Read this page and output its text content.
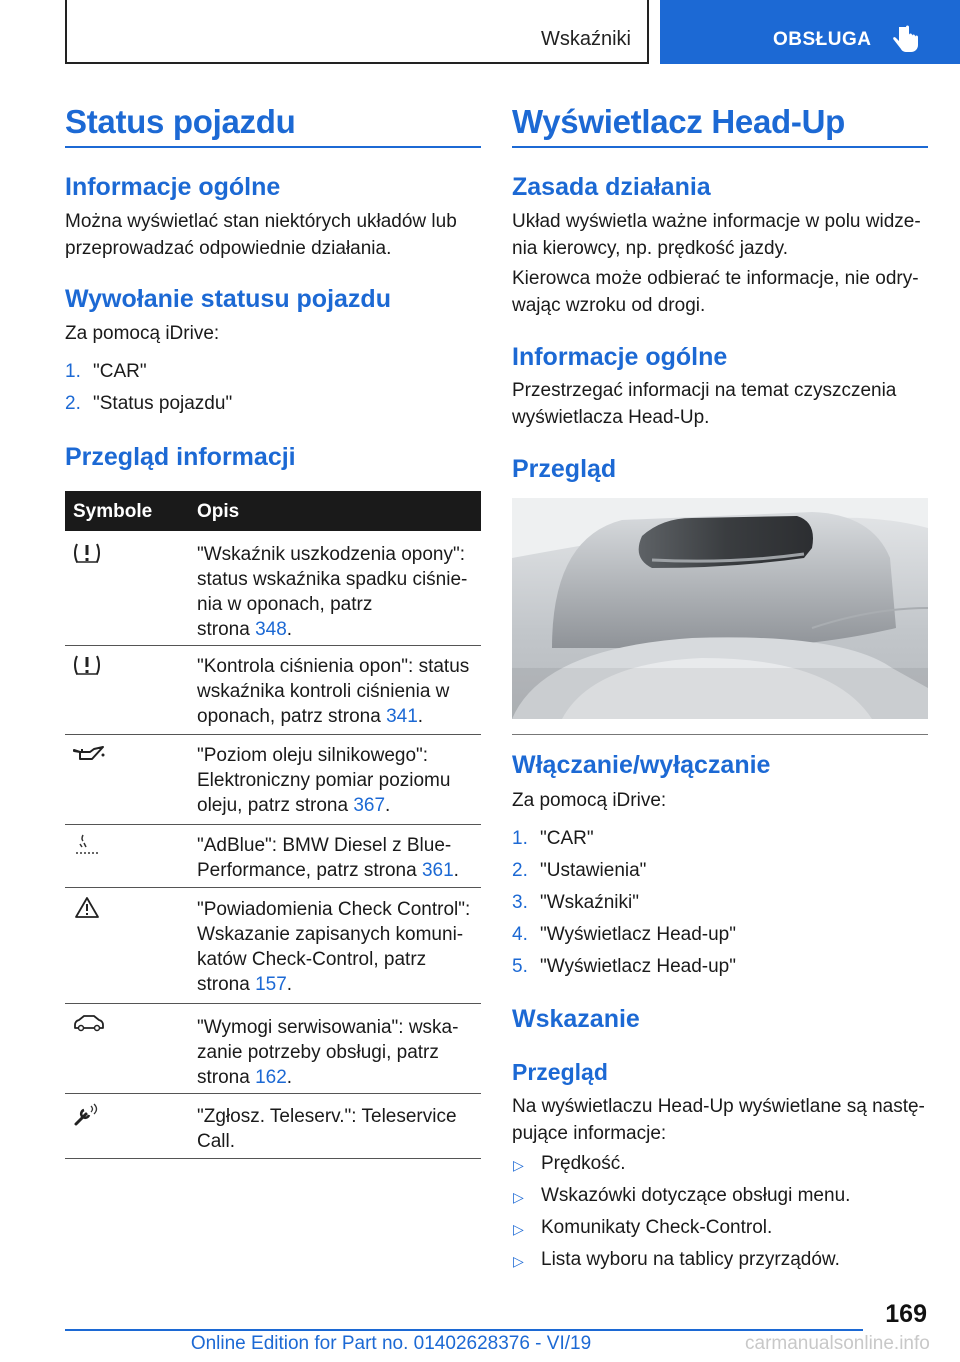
Wskaźniki	OBSŁUGA
Status pojazdu
Informacje ogólne

Można wyświetlać stan niektórych układów lub

przeprowadzać odpowiednie działania.

Wywołanie statusu pojazdu

Za pomocą iDrive:

1. "CAR"
2. "Status pojazdu"
Przegląd informacji
Symbole Opis

"Wskaźnik uszkodzenia opony":
status wskaźnika spadku ciśnie-
nia w oponach, patrz
strona 348.

"Kontrola ciśnienia opon": status
wskaźnika kontroli ciśnienia w
oponach, patrz strona 341.

"Poziom oleju silnikowego":
Elektroniczny pomiar poziomu
oleju, patrz strona 367.

"AdBlue": BMW Diesel z Blue-
Performance, patrz strona 361.

"Powiadomienia Check Control":
Wskazanie zapisanych komuni-
katów Check-Control, patrz
strona 157.

"Wymogi serwisowania": wska-
zanie potrzeby obsługi, patrz
strona 162.

"Zgłosz. Teleserv.": Teleservice
Call.

Wyświetlacz Head-Up
Zasada działania

Układ wyświetla ważne informacje w polu widze-

nia kierowcy, np. prędkość jazdy.

Kierowca może odbierać te informacje, nie odry-

wając wzroku od drogi.

Informacje ogólne

Przestrzegać informacji na temat czyszczenia

wyświetlacza Head-Up.

Przegląd
Włączanie/wyłączanie

Za pomocą iDrive:

1. "CAR"
2. "Ustawienia"
3. "Wskaźniki"
4. "Wyświetlacz Head-up"
5. "Wyświetlacz Head-up"
Wskazanie
Przegląd

Na wyświetlaczu Head-Up wyświetlane są nastę-

pujące informacje:

▷ Prędkość.
▷ Wskazówki dotyczące obsługi menu.
▷ Komunikaty Check-Control.
▷ Lista wyboru na tablicy przyrządów.
169
Online Edition for Part no. 01402628376 - VI/19	carmanualsonline.info
